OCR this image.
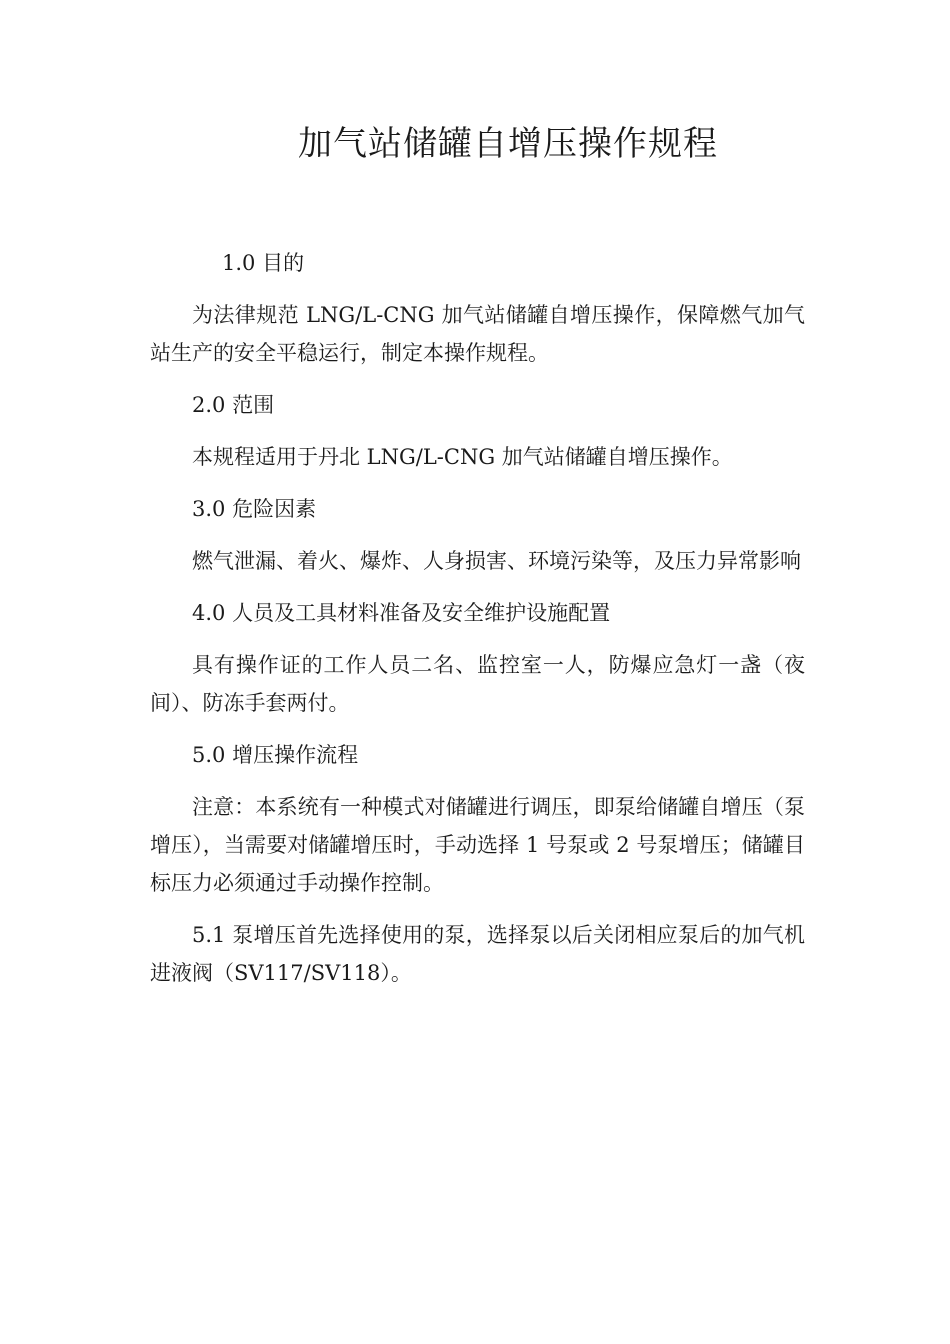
加气站储罐自增压操作规程

1.0 目的

为法律规范 LNG/L-CNG 加气站储罐自增压操作，保障燃气加气站生产的安全平稳运行，制定本操作规程。

2.0 范围

本规程适用于丹北 LNG/L-CNG 加气站储罐自增压操作。

3.0 危险因素

燃气泄漏、着火、爆炸、人身损害、环境污染等，及压力异常影响

4.0 人员及工具材料准备及安全维护设施配置

具有操作证的工作人员二名、监控室一人，防爆应急灯一盏（夜间）、防冻手套两付。

5.0 增压操作流程

注意：本系统有一种模式对储罐进行调压，即泵给储罐自增压（泵增压），当需要对储罐增压时，手动选择 1 号泵或 2 号泵增压；储罐目标压力必须通过手动操作控制。

5.1 泵增压首先选择使用的泵，选择泵以后关闭相应泵后的加气机进液阀（SV117/SV118）。
